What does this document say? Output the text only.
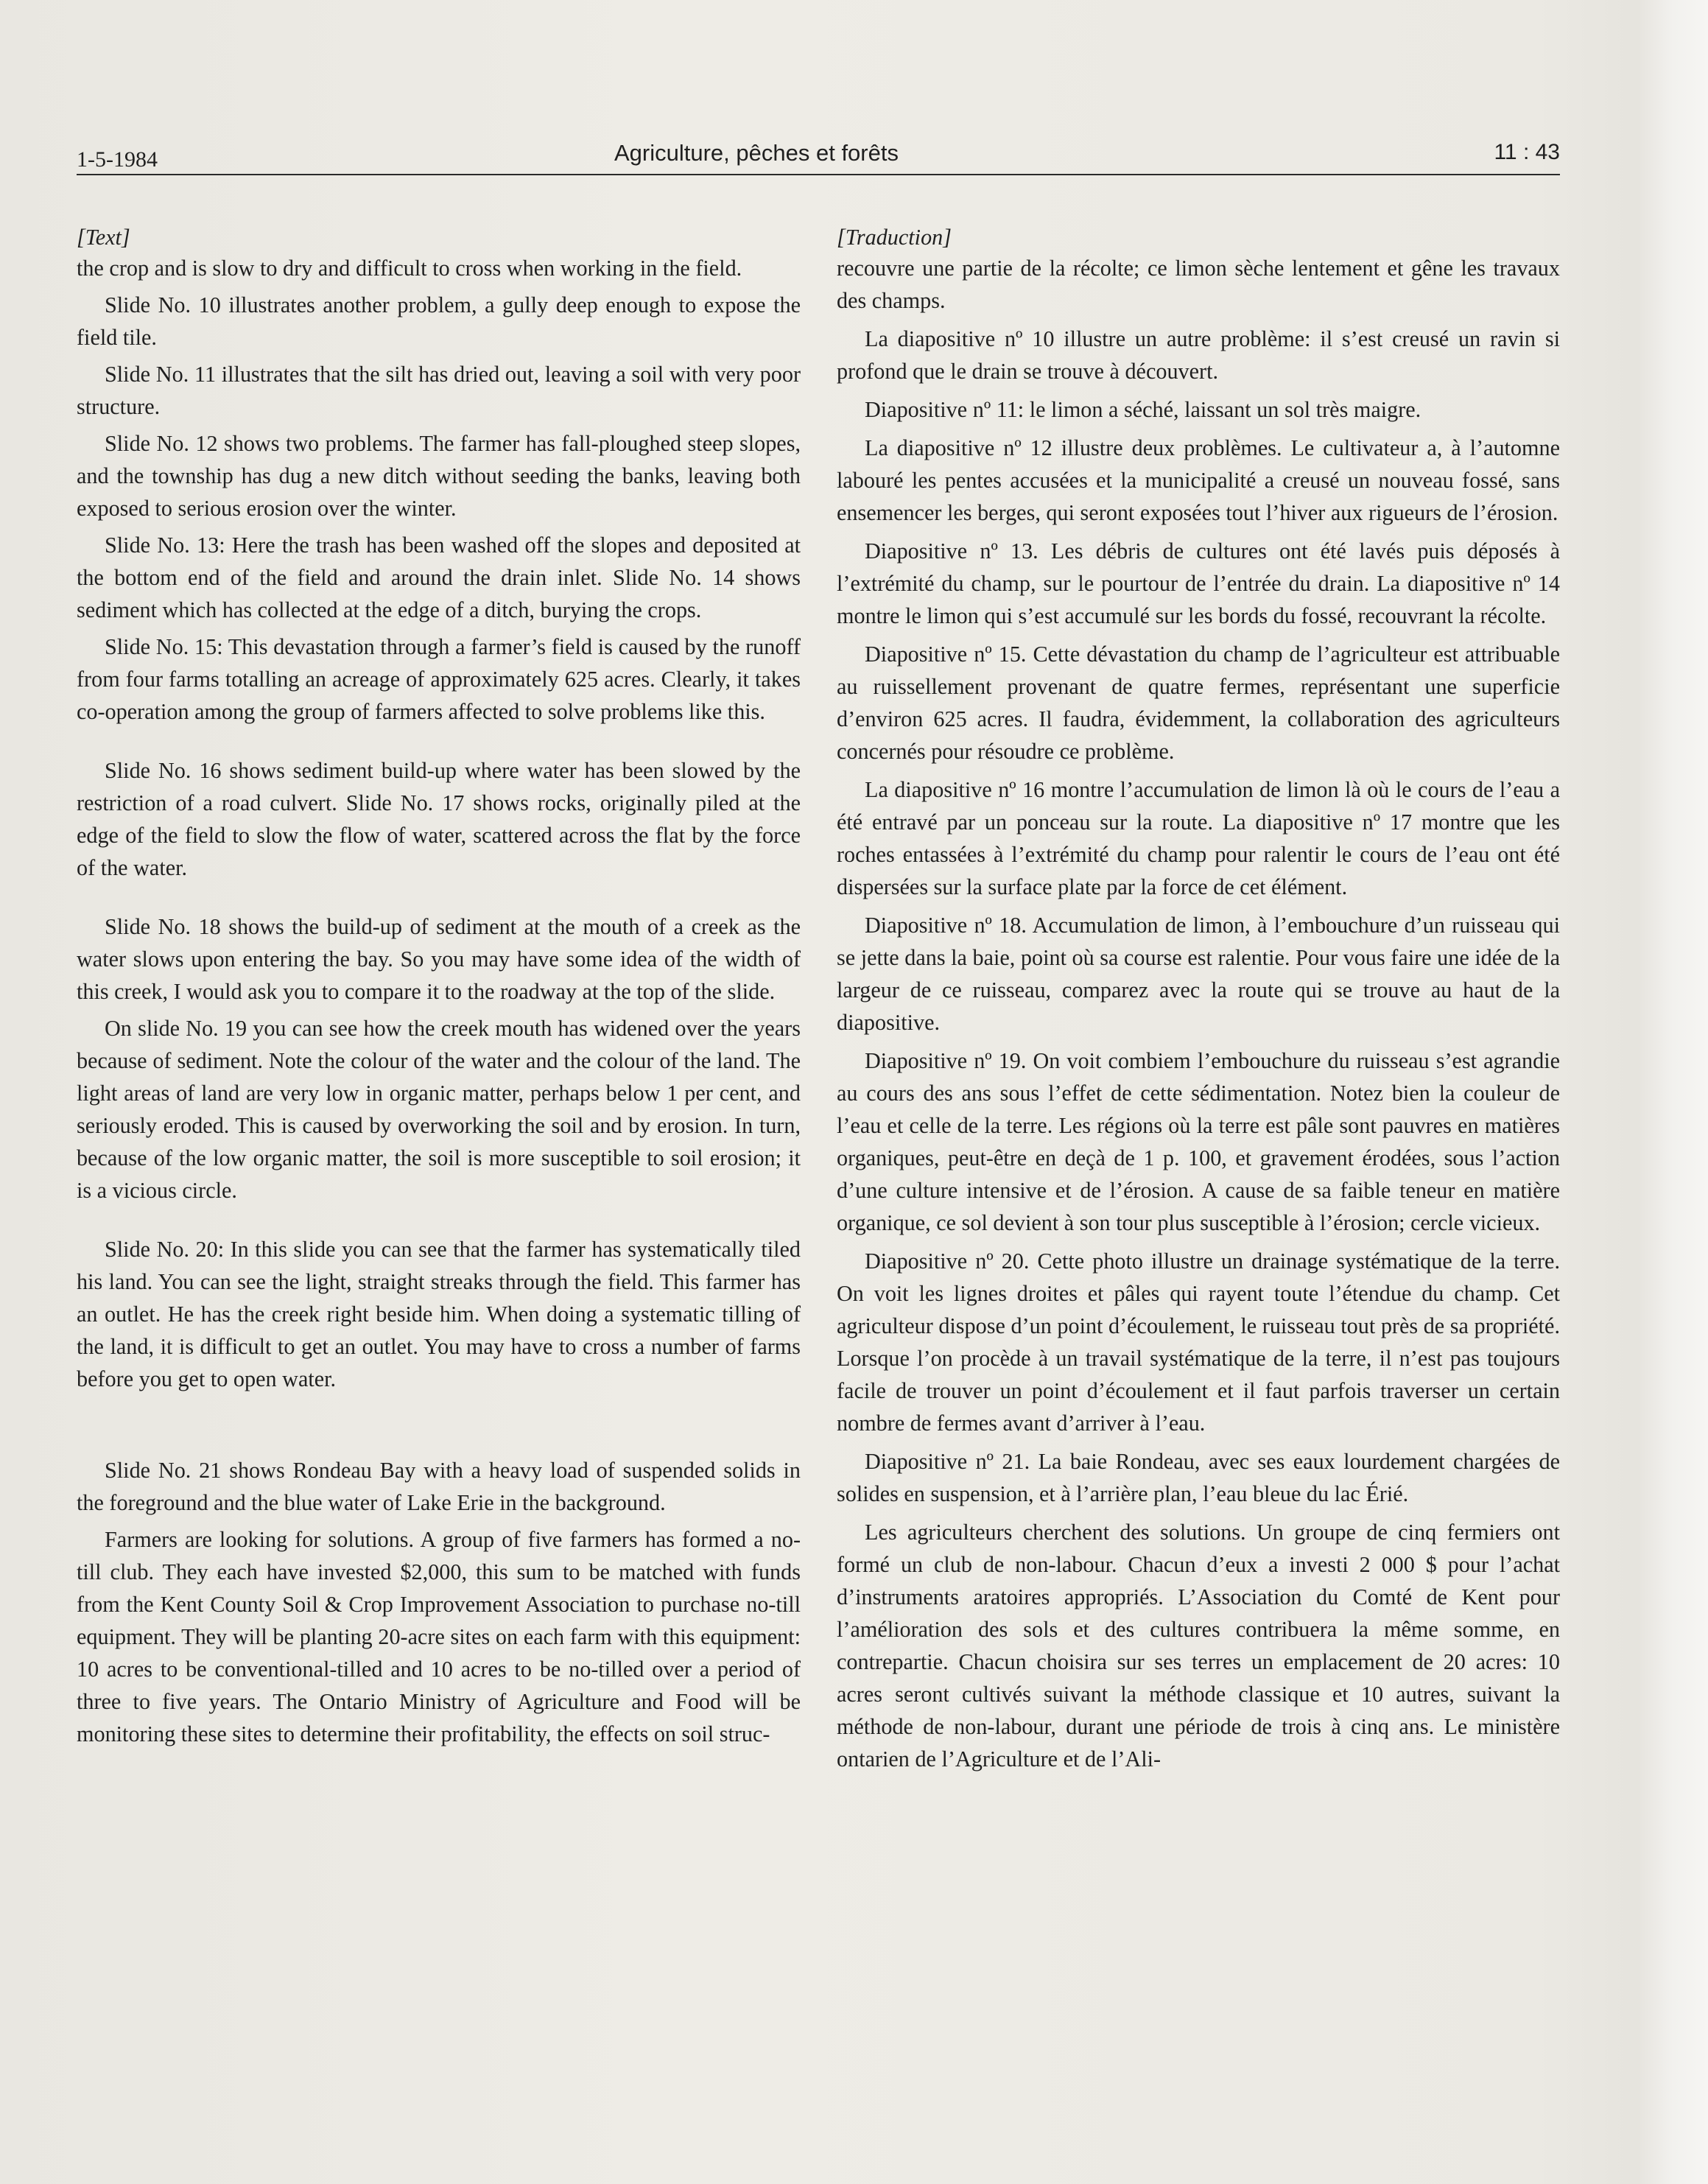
1-5-1984	Agriculture, pêches et forêts	11 : 43

[Text]

the crop and is slow to dry and difficult to cross when working in the field.

Slide No. 10 illustrates another problem, a gully deep enough to expose the field tile.

Slide No. 11 illustrates that the silt has dried out, leaving a soil with very poor structure.

Slide No. 12 shows two problems. The farmer has fall-ploughed steep slopes, and the township has dug a new ditch without seeding the banks, leaving both exposed to serious erosion over the winter.

Slide No. 13: Here the trash has been washed off the slopes and deposited at the bottom end of the field and around the drain inlet. Slide No. 14 shows sediment which has collected at the edge of a ditch, burying the crops.

Slide No. 15: This devastation through a farmer’s field is caused by the runoff from four farms totalling an acreage of approximately 625 acres. Clearly, it takes co-operation among the group of farmers affected to solve problems like this.

Slide No. 16 shows sediment build-up where water has been slowed by the restriction of a road culvert. Slide No. 17 shows rocks, originally piled at the edge of the field to slow the flow of water, scattered across the flat by the force of the water.

Slide No. 18 shows the build-up of sediment at the mouth of a creek as the water slows upon entering the bay. So you may have some idea of the width of this creek, I would ask you to compare it to the roadway at the top of the slide.

On slide No. 19 you can see how the creek mouth has widened over the years because of sediment. Note the colour of the water and the colour of the land. The light areas of land are very low in organic matter, perhaps below 1 per cent, and seriously eroded. This is caused by overworking the soil and by erosion. In turn, because of the low organic matter, the soil is more susceptible to soil erosion; it is a vicious circle.

Slide No. 20: In this slide you can see that the farmer has systematically tiled his land. You can see the light, straight streaks through the field. This farmer has an outlet. He has the creek right beside him. When doing a systematic tilling of the land, it is difficult to get an outlet. You may have to cross a number of farms before you get to open water.

Slide No. 21 shows Rondeau Bay with a heavy load of suspended solids in the foreground and the blue water of Lake Erie in the background.

Farmers are looking for solutions. A group of five farmers has formed a no-till club. They each have invested $2,000, this sum to be matched with funds from the Kent County Soil & Crop Improvement Association to purchase no-till equipment. They will be planting 20-acre sites on each farm with this equipment: 10 acres to be conventional-tilled and 10 acres to be no-tilled over a period of three to five years. The Ontario Ministry of Agriculture and Food will be monitoring these sites to determine their profitability, the effects on soil struc-

[Traduction]

recouvre une partie de la récolte; ce limon sèche lentement et gêne les travaux des champs.

La diapositive nº 10 illustre un autre problème: il s’est creusé un ravin si profond que le drain se trouve à découvert.

Diapositive nº 11: le limon a séché, laissant un sol très maigre.

La diapositive nº 12 illustre deux problèmes. Le cultivateur a, à l’automne labouré les pentes accusées et la municipalité a creusé un nouveau fossé, sans ensemencer les berges, qui seront exposées tout l’hiver aux rigueurs de l’érosion.

Diapositive nº 13. Les débris de cultures ont été lavés puis déposés à l’extrémité du champ, sur le pourtour de l’entrée du drain. La diapositive nº 14 montre le limon qui s’est accumulé sur les bords du fossé, recouvrant la récolte.

Diapositive nº 15. Cette dévastation du champ de l’agriculteur est attribuable au ruissellement provenant de quatre fermes, représentant une superficie d’environ 625 acres. Il faudra, évidemment, la collaboration des agriculteurs concernés pour résoudre ce problème.

La diapositive nº 16 montre l’accumulation de limon là où le cours de l’eau a été entravé par un ponceau sur la route. La diapositive nº 17 montre que les roches entassées à l’extrémité du champ pour ralentir le cours de l’eau ont été dispersées sur la surface plate par la force de cet élément.

Diapositive nº 18. Accumulation de limon, à l’embouchure d’un ruisseau qui se jette dans la baie, point où sa course est ralentie. Pour vous faire une idée de la largeur de ce ruisseau, comparez avec la route qui se trouve au haut de la diapositive.

Diapositive nº 19. On voit combiem l’embouchure du ruisseau s’est agrandie au cours des ans sous l’effet de cette sédimentation. Notez bien la couleur de l’eau et celle de la terre. Les régions où la terre est pâle sont pauvres en matières organiques, peut-être en deçà de 1 p. 100, et gravement érodées, sous l’action d’une culture intensive et de l’érosion. A cause de sa faible teneur en matière organique, ce sol devient à son tour plus susceptible à l’érosion; cercle vicieux.

Diapositive nº 20. Cette photo illustre un drainage systématique de la terre. On voit les lignes droites et pâles qui rayent toute l’étendue du champ. Cet agriculteur dispose d’un point d’écoulement, le ruisseau tout près de sa propriété. Lorsque l’on procède à un travail systématique de la terre, il n’est pas toujours facile de trouver un point d’écoulement et il faut parfois traverser un certain nombre de fermes avant d’arriver à l’eau.

Diapositive nº 21. La baie Rondeau, avec ses eaux lourdement chargées de solides en suspension, et à l’arrière plan, l’eau bleue du lac Érié.

Les agriculteurs cherchent des solutions. Un groupe de cinq fermiers ont formé un club de non-labour. Chacun d’eux a investi 2 000 $ pour l’achat d’instruments aratoires appropriés. L’Association du Comté de Kent pour l’amélioration des sols et des cultures contribuera la même somme, en contrepartie. Chacun choisira sur ses terres un emplacement de 20 acres: 10 acres seront cultivés suivant la méthode classique et 10 autres, suivant la méthode de non-labour, durant une période de trois à cinq ans. Le ministère ontarien de l’Agriculture et de l’Ali-
